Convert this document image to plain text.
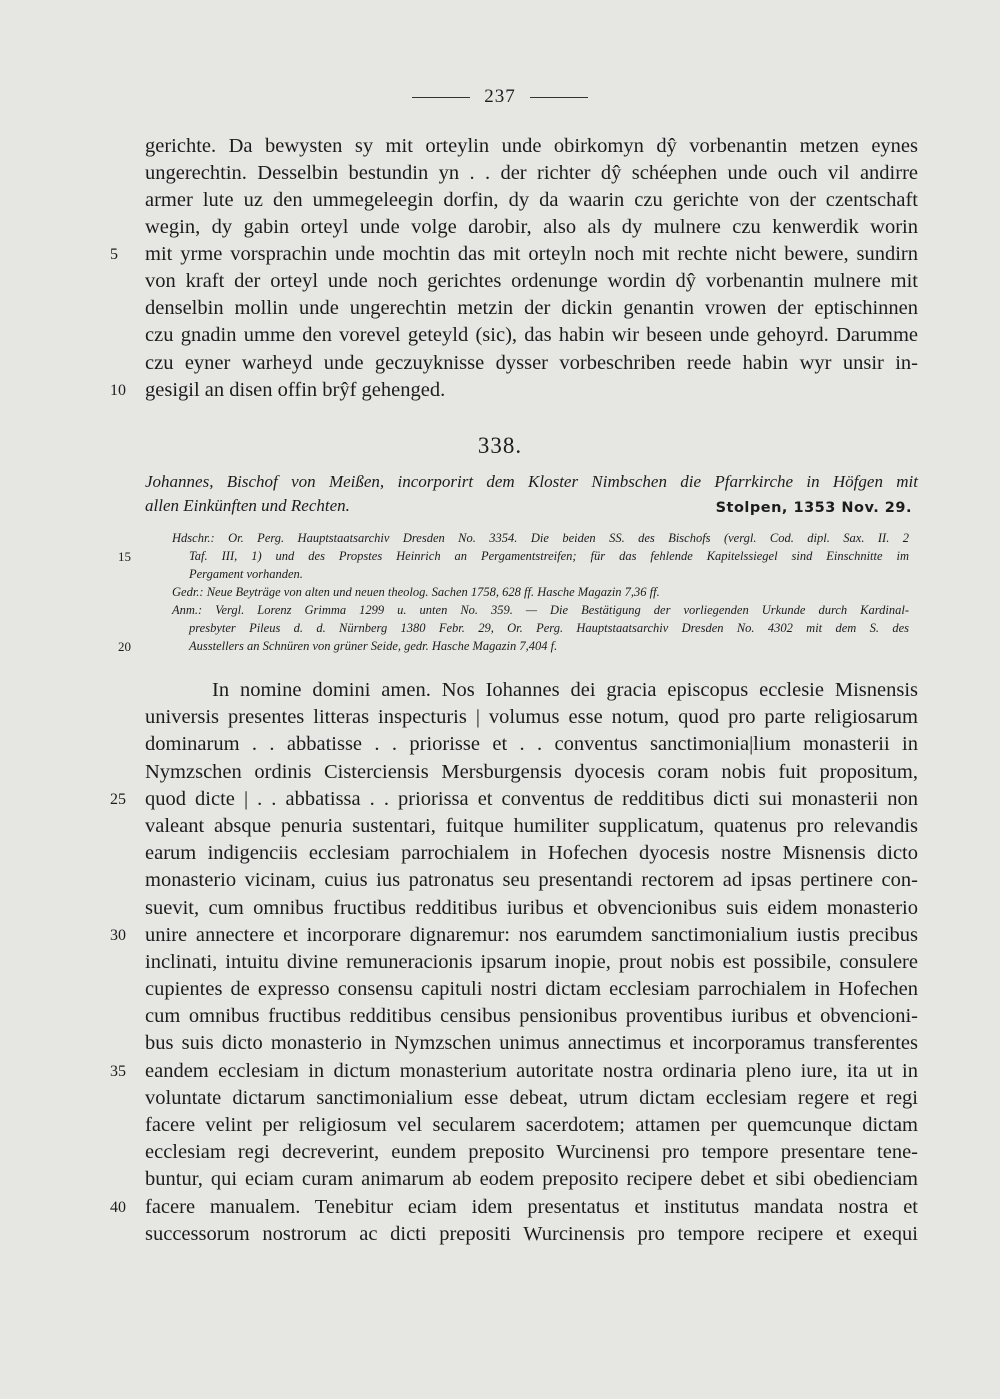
237
gerichte. Da bewysten sy mit orteylin unde obirkomyn dŷ vorbenantin metzen eynes
ungerechtin. Desselbin bestundin yn . . der richter dŷ schéephen unde ouch vil andirre
armer lute uz den ummegeleegin dorfin, dy da waarin czu gerichte von der czentschaft
wegin, dy gabin orteyl unde volge darobir, also als dy mulnere czu kenwerdik worin
5 mit yrme vorsprachin unde mochtin das mit orteyln noch mit rechte nicht bewere, sundirn
von kraft der orteyl unde noch gerichtes ordenunge wordin dŷ vorbenantin mulnere mit
denselbin mollin unde ungerechtin metzin der dickin genantin vrowen der eptischinnen
czu gnadin umme den vorevel geteyld (sic), das habin wir beseen unde gehoyrd. Darumme
czu eyner warheyd unde geczuyknisse dysser vorbeschriben reede habin wyr unsir in-
10 gesigil an disen offin brŷf gehenged.
338.
Johannes, Bischof von Meißen, incorporirt dem Kloster Nimbschen die Pfarrkirche in Höfgen mit
allen Einkünften und Rechten.	Stolpen, 1353 Nov. 29.
Hdschr.: Or. Perg. Hauptstaatsarchiv Dresden No. 3354. Die beiden SS. des Bischofs (vergl. Cod. dipl. Sax. II. 2
15	Taf. III, 1) und des Propstes Heinrich an Pergamentstreifen; für das fehlende Kapitelssiegel sind Einschnitte im
Pergament vorhanden.
Gedr.: Neue Beyträge von alten und neuen theolog. Sachen 1758, 628 ff. Hasche Magazin 7,36 ff.
Anm.: Vergl. Lorenz Grimma 1299 u. unten No. 359. — Die Bestätigung der vorliegenden Urkunde durch Kardinal-
presbyter Pileus d. d. Nürnberg 1380 Febr. 29, Or. Perg. Hauptstaatsarchiv Dresden No. 4302 mit dem S. des
20	Ausstellers an Schnüren von grüner Seide, gedr. Hasche Magazin 7,404 f.
In nomine domini amen. Nos Iohannes dei gracia episcopus ecclesie Misnensis
universis presentes litteras inspecturis | volumus esse notum, quod pro parte religiosarum
dominarum . . abbatisse . . priorisse et . . conventus sanctimonia|lium monasterii in
Nymzschen ordinis Cisterciensis Mersburgensis dyocesis coram nobis fuit propositum,
25 quod dicte | . . abbatissa . . priorissa et conventus de redditibus dicti sui monasterii non
valeant absque penuria sustentari, fuitque humiliter supplicatum, quatenus pro relevandis
earum indigenciis ecclesiam parrochialem in Hofechen dyocesis nostre Misnensis dicto
monasterio vicinam, cuius ius patronatus seu presentandi rectorem ad ipsas pertinere con-
suevit, cum omnibus fructibus redditibus iuribus et obvencionibus suis eidem monasterio
30 unire annectere et incorporare dignaremur: nos earumdem sanctimonialium iustis precibus
inclinati, intuitu divine remuneracionis ipsarum inopie, prout nobis est possibile, consulere
cupientes de expresso consensu capituli nostri dictam ecclesiam parrochialem in Hofechen
cum omnibus fructibus redditibus censibus pensionibus proventibus iuribus et obvencioni-
bus suis dicto monasterio in Nymzschen unimus annectimus et incorporamus transferentes
35 eandem ecclesiam in dictum monasterium autoritate nostra ordinaria pleno iure, ita ut in
voluntate dictarum sanctimonialium esse debeat, utrum dictam ecclesiam regere et regi
facere velint per religiosum vel secularem sacerdotem; attamen per quemcunque dictam
ecclesiam regi decreverint, eundem preposito Wurcinensi pro tempore presentare tene-
buntur, qui eciam curam animarum ab eodem preposito recipere debet et sibi obedienciam
40 facere manualem. Tenebitur eciam idem presentatus et institutus mandata nostra et
successorum nostrorum ac dicti prepositi Wurcinensis pro tempore recipere et exequi
